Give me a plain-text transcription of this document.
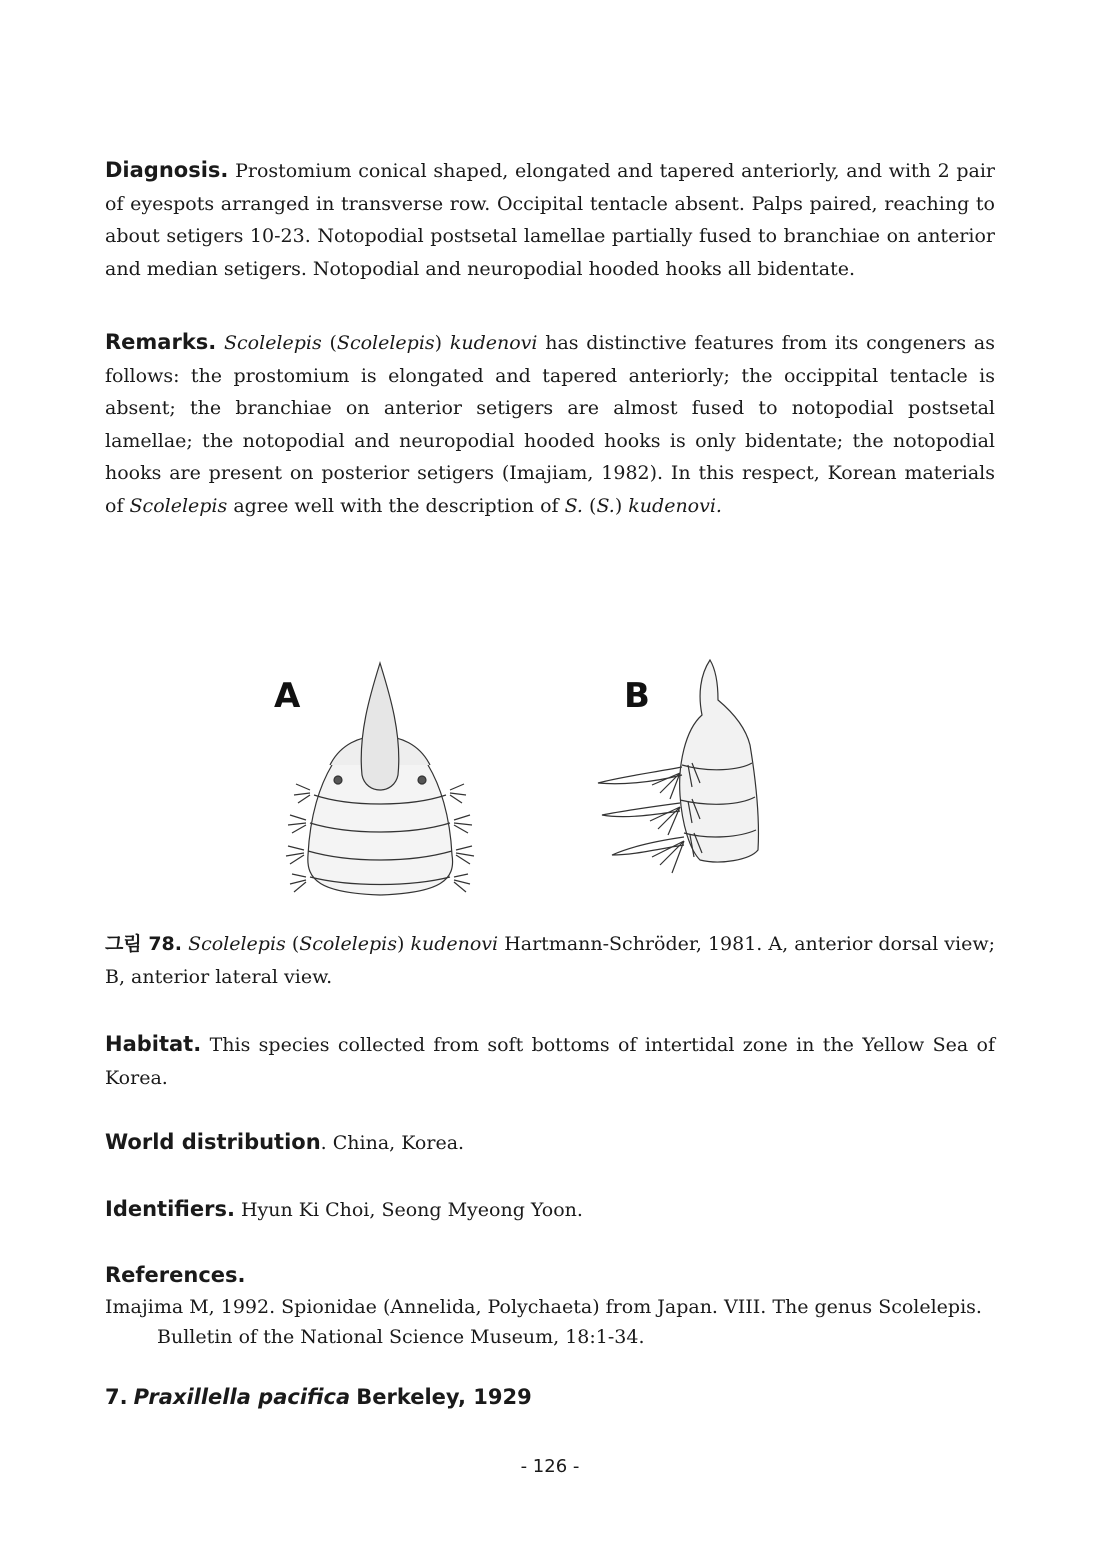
Diagnosis. Prostomium conical shaped, elongated and tapered anteriorly, and with 2 pair of eyespots arranged in transverse row. Occipital tentacle absent. Palps paired, reaching to about setigers 10-23. Notopodial postsetal lamellae partially fused to branchiae on anterior and median setigers. Notopodial and neuropodial hooded hooks all bidentate.
Remarks. Scolelepis (Scolelepis) kudenovi has distinctive features from its congeners as follows: the prostomium is elongated and tapered anteriorly; the occippital tentacle is absent; the branchiae on anterior setigers are almost fused to notopodial postsetal lamellae; the notopodial and neuropodial hooded hooks is only bidentate; the notopodial hooks are present on posterior setigers (Imajiam, 1982). In this respect, Korean materials of Scolelepis agree well with the description of S. (S.) kudenovi.
A	B
그림 78. Scolelepis (Scolelepis) kudenovi Hartmann-Schröder, 1981. A, anterior dorsal view; B, anterior lateral view.
Habitat. This species collected from soft bottoms of intertidal zone in the Yellow Sea of Korea.
World distribution. China, Korea.
Identifiers. Hyun Ki Choi, Seong Myeong Yoon.
References.
Imajima M, 1992. Spionidae (Annelida, Polychaeta) from Japan. VIII. The genus Scolelepis.
Bulletin of the National Science Museum, 18:1-34.
7. Praxillella pacifica Berkeley, 1929
- 126 -
